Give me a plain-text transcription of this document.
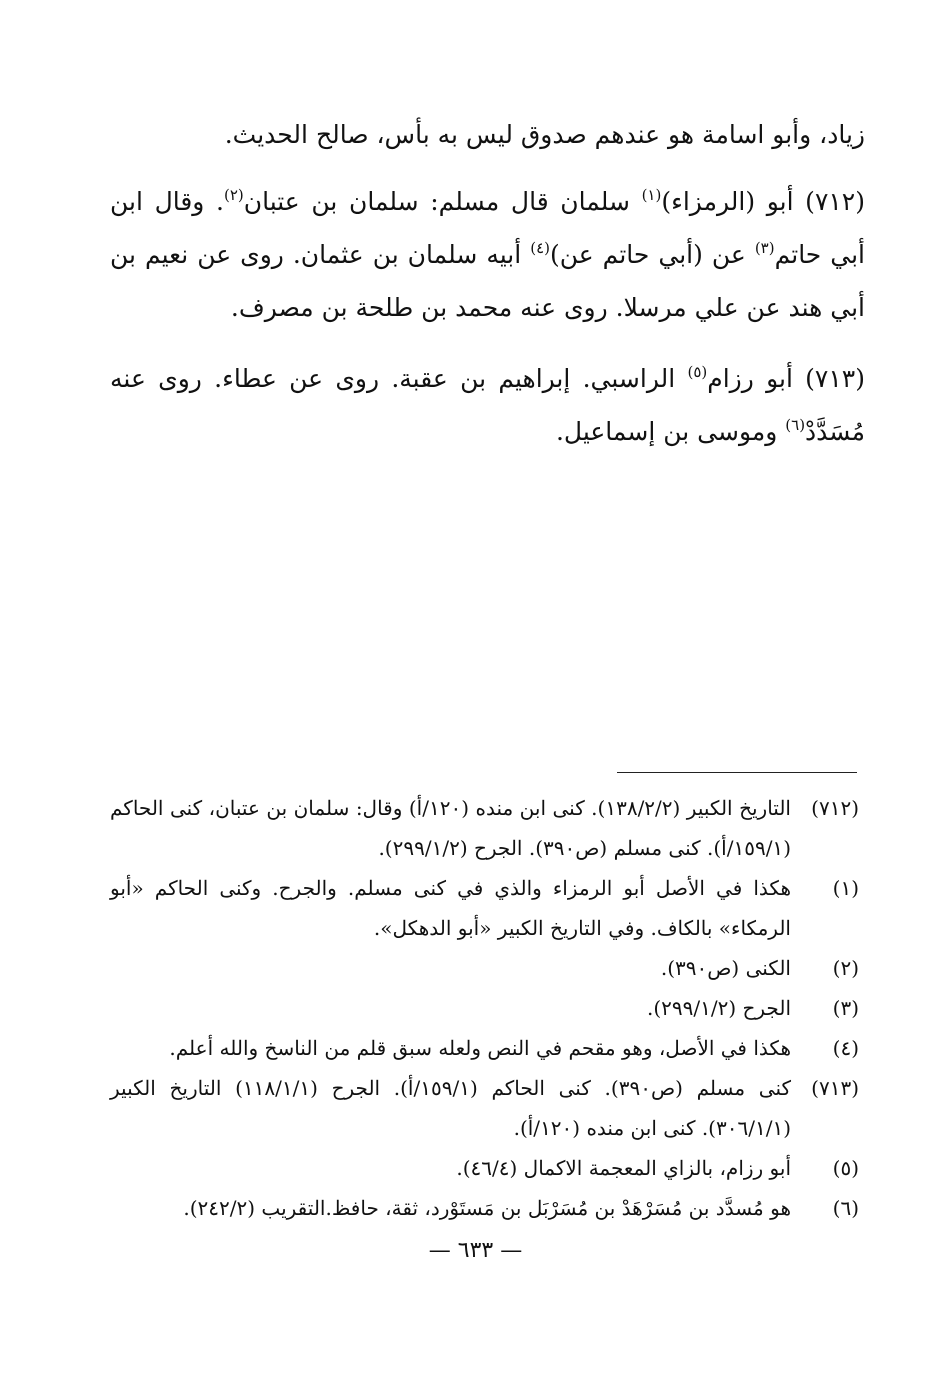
زياد، وأبو اسامة هو عندهم صدوق ليس به بأس، صالح الحديث.

(٧١٢) أبو (الرمزاء)$^{(١)}$ سلمان قال مسلم: سلمان بن عتبان$^{(٢)}$. وقال ابن أبي حاتم$^{(٣)}$ عن (أبي حاتم عن)$^{(٤)}$ أبيه سلمان بن عثمان. روى عن نعيم بن أبي هند عن علي مرسلا. روى عنه محمد بن طلحة بن مصرف.

(٧١٣) أبو رزام$^{(٥)}$ الراسبي. إبراهيم بن عقبة. روى عن عطاء. روى عنه مُسَدَّدْ$^{(٦)}$ وموسى بن إسماعيل.

(٧١٢)
التاريخ الكبير (١٣٨/٢/٢). كنى ابن منده (١٢٠/أ) وقال: سلمان بن عتبان، كنى الحاكم (١٥٩/١/أ). كنى مسلم (ص٣٩٠). الجرح (٢٩٩/١/٢).
(١)
هكذا في الأصل أبو الرمزاء والذي في كنى مسلم. والجرح. وكنى الحاكم «أبو الرمكاء» بالكاف. وفي التاريخ الكبير «أبو الدهكل».
(٢)
الكنى (ص٣٩٠).
(٣)
الجرح (٢٩٩/١/٢).
(٤)
هكذا في الأصل، وهو مقحم في النص ولعله سبق قلم من الناسخ والله أعلم.
(٧١٣)
كنى مسلم (ص٣٩٠). كنى الحاكم (١٥٩/١/أ). الجرح (١١٨/١/١) التاريخ الكبير (٣٠٦/١/١). كنى ابن منده (١٢٠/أ).
(٥)
أبو رزام، بالزاي المعجمة الاكمال (٤٦/٤).
(٦)
هو مُسدَّد بن مُسَرْهَدْ بن مُسَرْبَل بن مَستَوْرد، ثقة، حافظ.التقريب (٢٤٢/٢).
— ٦٣٣ —
